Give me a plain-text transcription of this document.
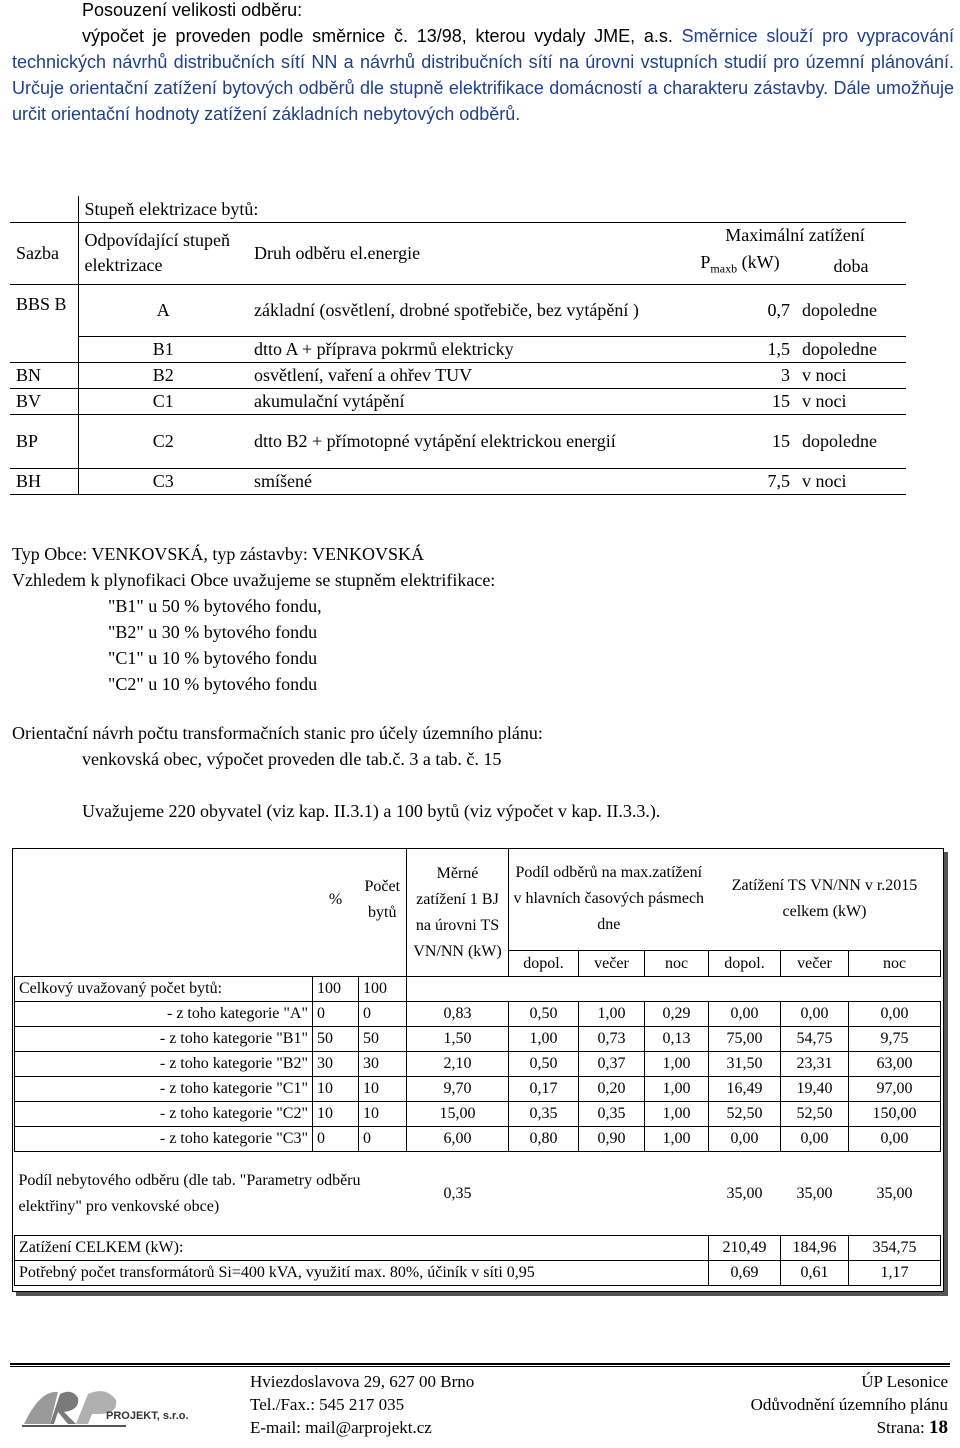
Posouzení velikosti odběru:
výpočet je proveden podle směrnice č. 13/98, kterou vydaly JME, a.s. Směrnice slouží pro vypracování technických návrhů distribučních sítí NN a návrhů distribučních sítí na úrovni vstupních studií pro územní plánování. Určuje orientační zatížení bytových odběrů dle stupně elektrifikace domácností a charakteru zástavby. Dále umožňuje určit orientační hodnoty zatížení základních nebytových odběrů.
	Stupeň elektrizace bytů:			
Sazba	Odpovídající stupeň elektrizace	Druh odběru el.energie	Maximální zatížení	
			$P_{maxb}$ (kW)	doba

BBS B	A	základní (osvětlení, drobné spotřebiče, bez vytápění )	0,7	dopoledne
	B1	dtto A + příprava pokrmů elektricky	1,5	dopoledne
BN	B2	osvětlení, vaření a ohřev TUV	3	v noci
BV	C1	akumulační vytápění	15	v noci
BP	C2	dtto B2 + přímotopné vytápění elektrickou energií	15	dopoledne
BH	C3	smíšené	7,5	v noci
Typ Obce: VENKOVSKÁ, typ zástavby: VENKOVSKÁ
Vzhledem k plynofikaci Obce uvažujeme se stupněm elektrifikace:
"B1" u 50 % bytového fondu,
"B2" u 30 % bytového fondu
"C1" u 10 % bytového fondu
"C2" u 10 % bytového fondu
Orientační návrh počtu transformačních stanic pro účely územního plánu:
venkovská obec, výpočet proveden dle tab.č. 3 a tab. č. 15
Uvažujeme 220 obyvatel (viz kap. II.3.1) a 100 bytů (viz výpočet v kap. II.3.3.).
	%	Počet bytů	Měrné zatížení 1 BJ na úrovni TS VN/NN (kW)	Podíl odběrů na max.zatížení v hlavních časových pásmech dne			Zatížení TS VN/NN v r.2015 celkem (kW)		
				dopol.	večer	noc	dopol.	večer	noc
Celkový uvažovaný počet bytů:	100	100							
- z toho kategorie "A"	0	0	0,83	0,50	1,00	0,29	0,00	0,00	0,00
- z toho kategorie "B1"	50	50	1,50	1,00	0,73	0,13	75,00	54,75	9,75
- z toho kategorie "B2"	30	30	2,10	0,50	0,37	1,00	31,50	23,31	63,00
- z toho kategorie "C1"	10	10	9,70	0,17	0,20	1,00	16,49	19,40	97,00
- z toho kategorie "C2"	10	10	15,00	0,35	0,35	1,00	52,50	52,50	150,00
- z toho kategorie "C3"	0	0	6,00	0,80	0,90	1,00	0,00	0,00	0,00

Podíl nebytového odběru (dle tab. "Parametry odběru elektřiny" pro venkovské obce)			0,35				35,00	35,00	35,00

Zatížení CELKEM (kW):							210,49	184,96	354,75
Potřebný počet transformátorů Si=400 kVA, využití max. 80%, účiník v síti 0,95							0,69	0,61	1,17
PROJEKT, s.r.o.
Hviezdoslavova 29, 627 00 Brno
Tel./Fax.: 545 217 035
E-mail: mail@arprojekt.cz
ÚP Lesonice
Odůvodnění územního plánu
Strana: 18
